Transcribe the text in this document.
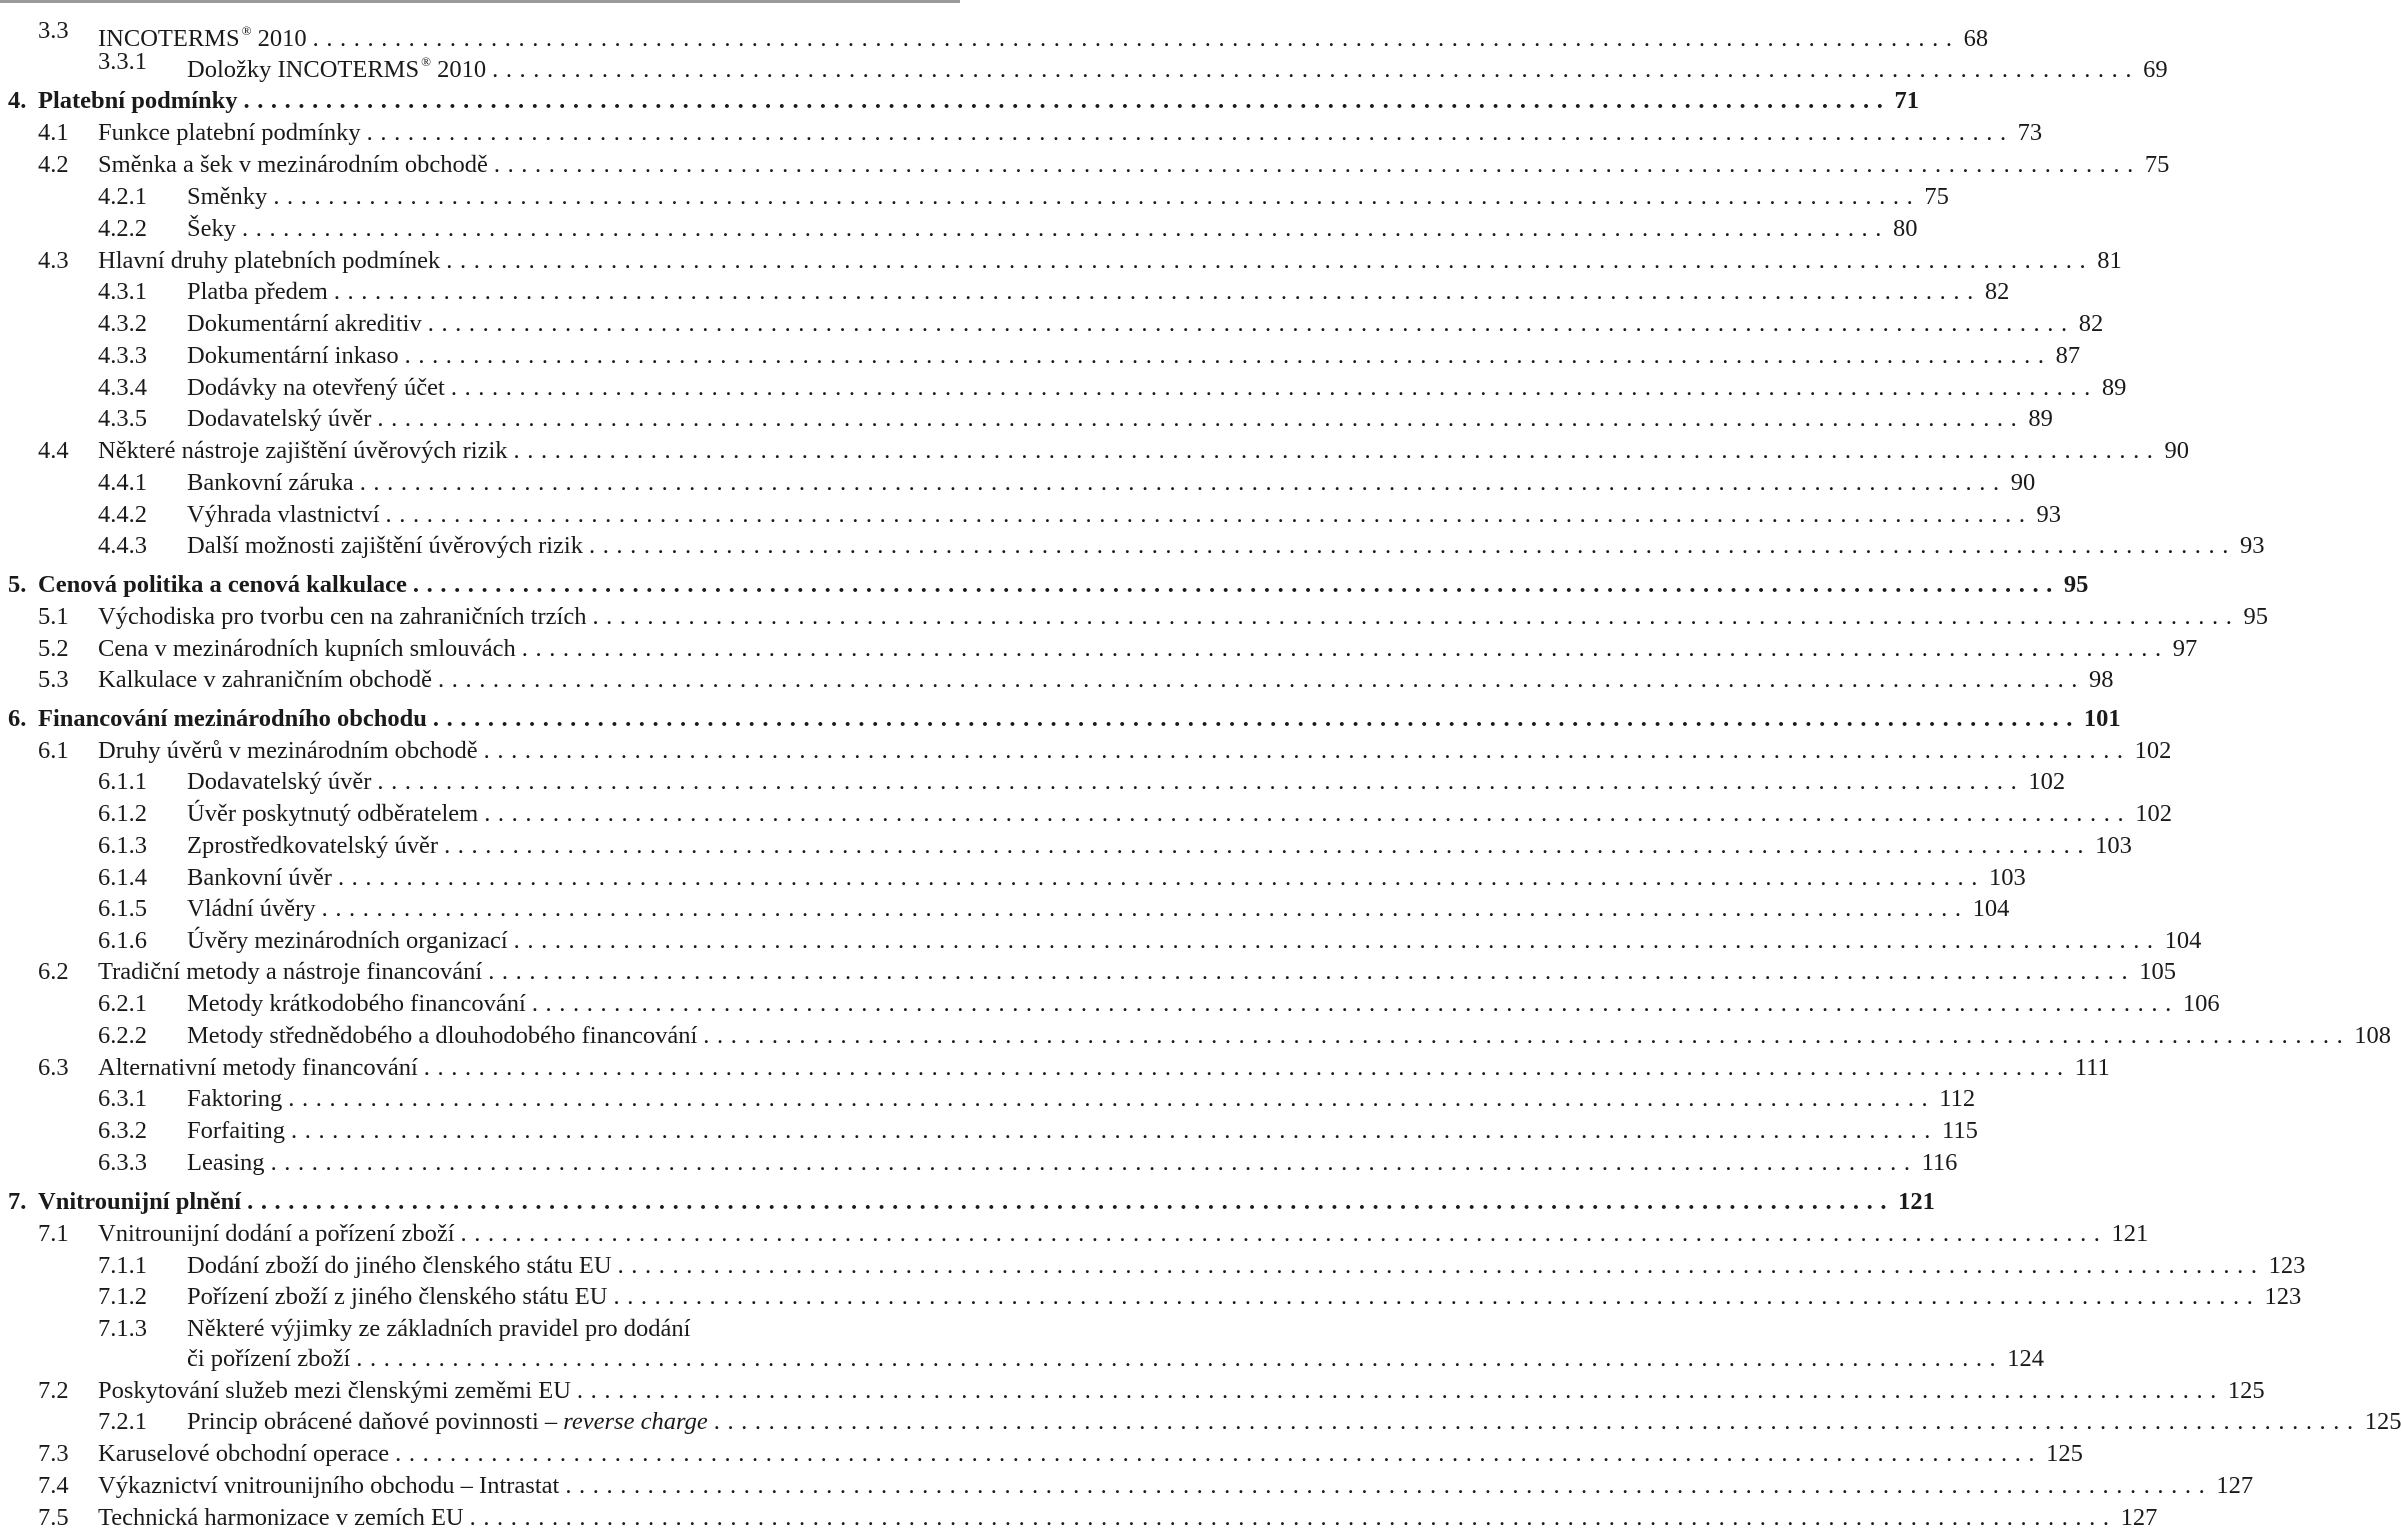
3.3 INCOTERMS ® 2010 ........................................................................................................................ 68
3.3.1 Doložky INCOTERMS ® 2010 ........................................................................................................................ 69
4. Platební podmínky ........................................................................................................................ 71
4.1 Funkce platební podmínky ........................................................................................................................ 73
4.2 Směnka a šek v mezinárodním obchodě ........................................................................................................................ 75
4.2.1 Směnky ........................................................................................................................ 75
4.2.2 Šeky ........................................................................................................................ 80
4.3 Hlavní druhy platebních podmínek ........................................................................................................................ 81
4.3.1 Platba předem ........................................................................................................................ 82
4.3.2 Dokumentární akreditiv ........................................................................................................................ 82
4.3.3 Dokumentární inkaso ........................................................................................................................ 87
4.3.4 Dodávky na otevřený účet ........................................................................................................................ 89
4.3.5 Dodavatelský úvěr ........................................................................................................................ 89
4.4 Některé nástroje zajištění úvěrových rizik ........................................................................................................................ 90
4.4.1 Bankovní záruka ........................................................................................................................ 90
4.4.2 Výhrada vlastnictví ........................................................................................................................ 93
4.4.3 Další možnosti zajištění úvěrových rizik ........................................................................................................................ 93
5. Cenová politika a cenová kalkulace ........................................................................................................................ 95
5.1 Východiska pro tvorbu cen na zahraničních trzích ........................................................................................................................ 95
5.2 Cena v mezinárodních kupních smlouvách ........................................................................................................................ 97
5.3 Kalkulace v zahraničním obchodě ........................................................................................................................ 98
6. Financování mezinárodního obchodu ........................................................................................................................ 101
6.1 Druhy úvěrů v mezinárodním obchodě ........................................................................................................................ 102
6.1.1 Dodavatelský úvěr ........................................................................................................................ 102
6.1.2 Úvěr poskytnutý odběratelem ........................................................................................................................ 102
6.1.3 Zprostředkovatelský úvěr ........................................................................................................................ 103
6.1.4 Bankovní úvěr ........................................................................................................................ 103
6.1.5 Vládní úvěry ........................................................................................................................ 104
6.1.6 Úvěry mezinárodních organizací ........................................................................................................................ 104
6.2 Tradiční metody a nástroje financování ........................................................................................................................ 105
6.2.1 Metody krátkodobého financování ........................................................................................................................ 106
6.2.2 Metody střednědobého a dlouhodobého financování ........................................................................................................................ 108
6.3 Alternativní metody financování ........................................................................................................................ 111
6.3.1 Faktoring ........................................................................................................................ 112
6.3.2 Forfaiting ........................................................................................................................ 115
6.3.3 Leasing ........................................................................................................................ 116
7. Vnitrounijní plnění ........................................................................................................................ 121
7.1 Vnitrounijní dodání a pořízení zboží ........................................................................................................................ 121
7.1.1 Dodání zboží do jiného členského státu EU ........................................................................................................................ 123
7.1.2 Pořízení zboží z jiného členského státu EU ........................................................................................................................ 123
7.1.3 Některé výjimky ze základních pravidel pro dodání
či pořízení zboží ........................................................................................................................ 124
7.2 Poskytování služeb mezi členskými zeměmi EU ........................................................................................................................ 125
7.2.1 Princip obrácené daňové povinnosti – reverse charge ........................................................................................................................ 125
7.3 Karuselové obchodní operace ........................................................................................................................ 125
7.4 Výkaznictví vnitrounijního obchodu – Intrastat ........................................................................................................................ 127
7.5 Technická harmonizace v zemích EU ........................................................................................................................ 127
